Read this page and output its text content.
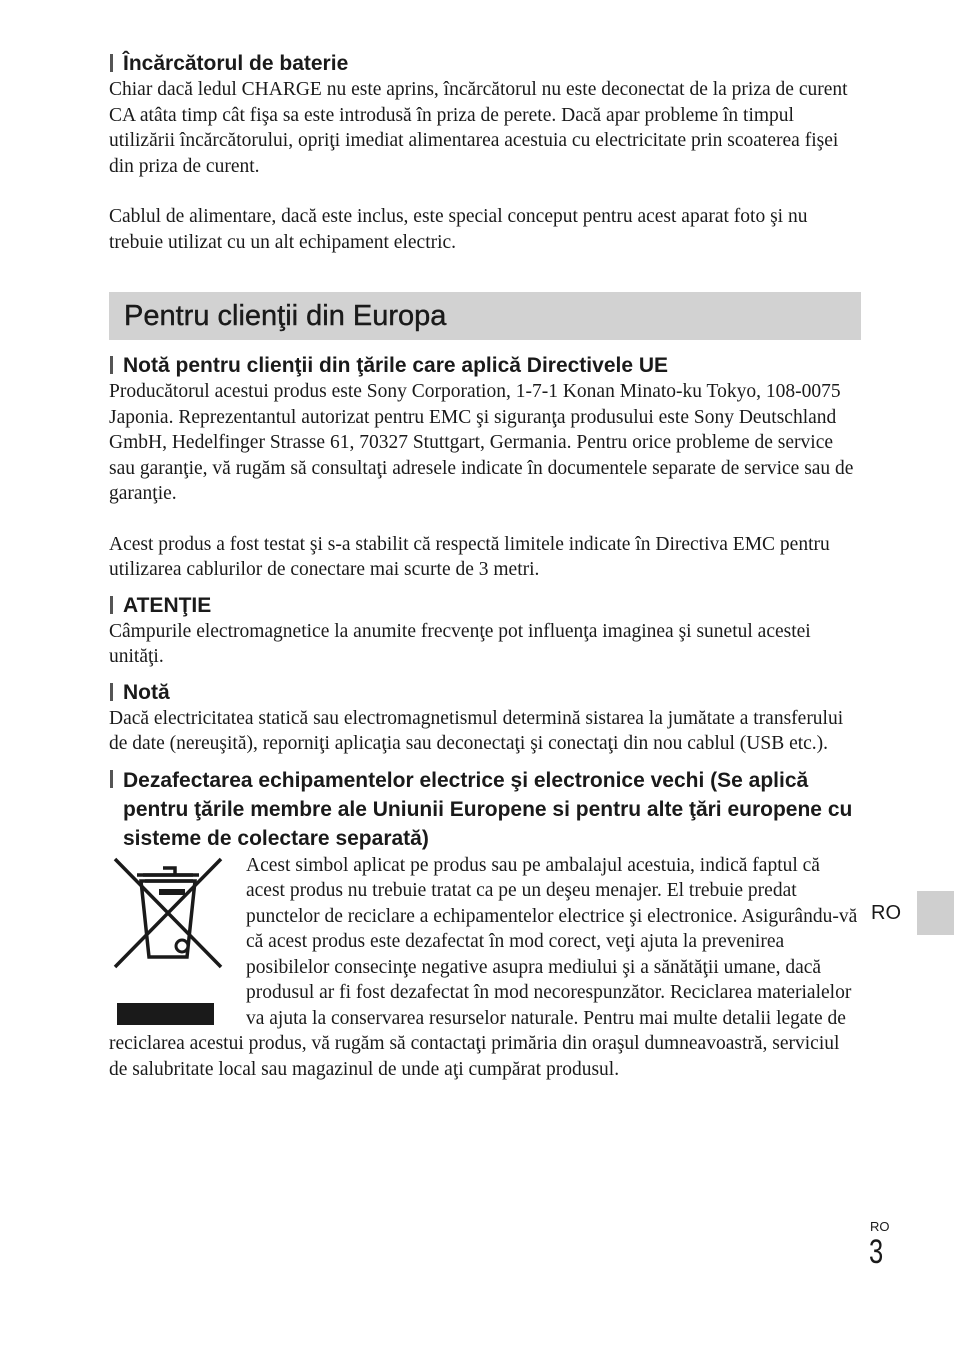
Încărcătorul de baterie

Chiar dacă ledul CHARGE nu este aprins, încărcătorul nu este deconectat de la priza de curent CA atâta timp cât fişa sa este introdusă în priza de perete. Dacă apar probleme în timpul utilizării încărcătorului, opriţi imediat alimentarea acestuia cu electricitate prin scoaterea fişei din priza de curent.

Cablul de alimentare, dacă este inclus, este special conceput pentru acest aparat foto şi nu trebuie utilizat cu un alt echipament electric.

Pentru clienţii din Europa
Notă pentru clienţii din ţările care aplică Directivele UE

Producătorul acestui produs este Sony Corporation, 1-7-1 Konan Minato-ku Tokyo, 108-0075 Japonia. Reprezentantul autorizat pentru EMC şi siguranţa produsului este Sony Deutschland GmbH, Hedelfinger Strasse 61, 70327 Stuttgart, Germania. Pentru orice probleme de service sau garanţie, vă rugăm să consultaţi adresele indicate în documentele separate de service sau de garanţie.

Acest produs a fost testat şi s-a stabilit că respectă limitele indicate în Directiva EMC pentru utilizarea cablurilor de conectare mai scurte de 3 metri.

ATENŢIE

Câmpurile electromagnetice la anumite frecvenţe pot influenţa imaginea şi sunetul acestei unităţi.

Notă

Dacă electricitatea statică sau electromagnetismul determină sistarea la jumătate a transferului de date (nereuşită), reporniţi aplicaţia sau deconectaţi şi conectaţi din nou cablul (USB etc.).

Dezafectarea echipamentelor electrice şi electronice vechi (Se aplică pentru ţările membre ale Uniunii Europene si pentru alte ţări europene cu sisteme de colectare separată)

Acest simbol aplicat pe produs sau pe ambalajul acestuia, indică faptul că acest produs nu trebuie tratat ca pe un deşeu menajer. El trebuie predat punctelor de reciclare a echipamentelor electrice şi electronice. Asigurându-vă că acest produs este dezafectat în mod corect, veţi ajuta la prevenirea posibilelor consecinţe negative asupra mediului şi a sănătăţii umane, dacă produsul ar fi fost dezafectat în mod necorespunzător. Reciclarea materialelor va ajuta la conservarea resurselor naturale. Pentru mai multe detalii legate de reciclarea acestui produs, vă rugăm să contactaţi primăria din oraşul dumneavoastră, serviciul de salubritate local sau magazinul de unde aţi cumpărat produsul.

RO
RO
3
